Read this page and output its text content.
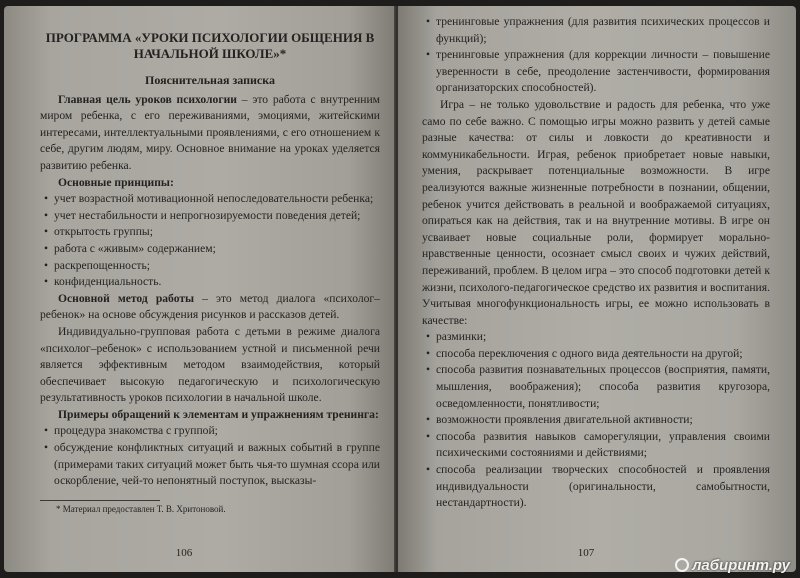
ПРОГРАММА «УРОКИ ПСИХОЛОГИИ ОБЩЕНИЯ В НАЧАЛЬНОЙ ШКОЛЕ»*
Пояснительная записка

Главная цель уроков психологии – это работа с внутренним миром ребенка, с его переживаниями, эмоциями, житейскими интересами, интеллектуальными проявлениями, с его отношением к себе, другим людям, миру. Основное внимание на уроках уделяется развитию ребенка.

Основные принципы:

• учет возрастной мотивационной непоследовательности ребенка;
• учет нестабильности и непрогнозируемости поведения детей;
• открытость группы;
• работа с «живым» содержанием;
• раскрепощенность;
• конфиденциальность.

Основной метод работы – это метод диалога «психолог–ребенок» на основе обсуждения рисунков и рассказов детей.

Индивидуально-групповая работа с детьми в режиме диалога «психолог–ребенок» с использованием устной и письменной речи является эффективным методом взаимодействия, который обеспечивает высокую педагогическую и психологическую результативность уроков психологии в начальной школе.

Примеры обращений к элементам и упражнениям тренинга:

• процедура знакомства с группой;
• обсуждение конфликтных ситуаций и важных событий в группе (примерами таких ситуаций может быть чья-то шумная ссора или оскорбление, чей-то непонятный поступок, высказы-

* Материал предоставлен Т. В. Хритоновой.

106
• тренинговые упражнения (для развития психических процессов и функций);
• тренинговые упражнения (для коррекции личности – повышение уверенности в себе, преодоление застенчивости, формирования организаторских способностей).

Игра – не только удовольствие и радость для ребенка, что уже само по себе важно. С помощью игры можно развить у детей самые разные качества: от силы и ловкости до креативности и коммуникабельности. Играя, ребенок приобретает новые навыки, умения, раскрывает потенциальные возможности. В игре реализуются важные жизненные потребности в познании, общении, ребенок учится действовать в реальной и воображаемой ситуациях, опираться как на действия, так и на внутренние мотивы. В игре он усваивает новые социальные роли, формирует морально-нравственные ценности, осознает смысл своих и чужих действий, переживаний, проблем. В целом игра – это способ подготовки детей к жизни, психолого-педагогическое средство их развития и воспитания. Учитывая многофункциональность игры, ее можно использовать в качестве:

• разминки;
• способа переключения с одного вида деятельности на другой;
• способа развития познавательных процессов (восприятия, памяти, мышления, воображения); способа развития кругозора, осведомленности, понятливости;
• возможности проявления двигательной активности;
• способа развития навыков саморегуляции, управления своими психическими состояниями и действиями;
• способа реализации творческих способностей и проявления индивидуальности (оригинальности, самобытности, нестандартности).
107
лабиринт.ру
